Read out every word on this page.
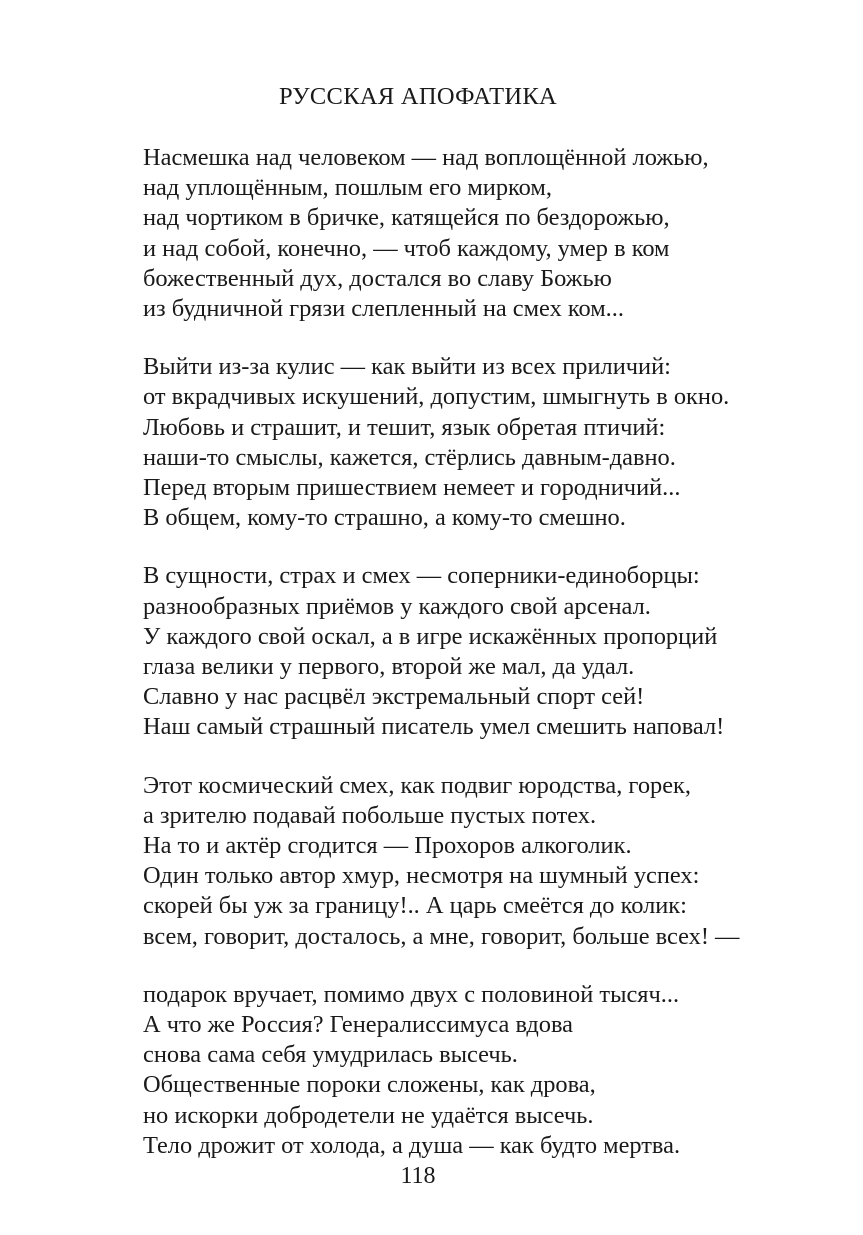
РУССКАЯ АПОФАТИКА
Насмешка над человеком — над воплощённой ложью,
над уплощённым, пошлым его мирком,
над чортиком в бричке, катящейся по бездорожью,
и над собой, конечно, — чтоб каждому, умер в ком
божественный дух, достался во славу Божью
из будничной грязи слепленный на смех ком...
Выйти из-за кулис — как выйти из всех приличий:
от вкрадчивых искушений, допустим, шмыгнуть в окно.
Любовь и страшит, и тешит, язык обретая птичий:
наши-то смыслы, кажется, стёрлись давным-давно.
Перед вторым пришествием немеет и городничий...
В общем, кому-то страшно, а кому-то смешно.
В сущности, страх и смех — соперники-единоборцы:
разнообразных приёмов у каждого свой арсенал.
У каждого свой оскал, а в игре искажённых пропорций
глаза велики у первого, второй же мал, да удал.
Славно у нас расцвёл экстремальный спорт сей!
Наш самый страшный писатель умел смешить наповал!
Этот космический смех, как подвиг юродства, горек,
а зрителю подавай побольше пустых потех.
На то и актёр сгодится — Прохоров алкоголик.
Один только автор хмур, несмотря на шумный успех:
скорей бы уж за границу!.. А царь смеётся до колик:
всем, говорит, досталось, а мне, говорит, больше всех! —
подарок вручает, помимо двух с половиной тысяч...
А что же Россия? Генералиссимуса вдова
снова сама себя умудрилась высечь.
Общественные пороки сложены, как дрова,
но искорки добродетели не удаётся высечь.
Тело дрожит от холода, а душа — как будто мертва.
118
